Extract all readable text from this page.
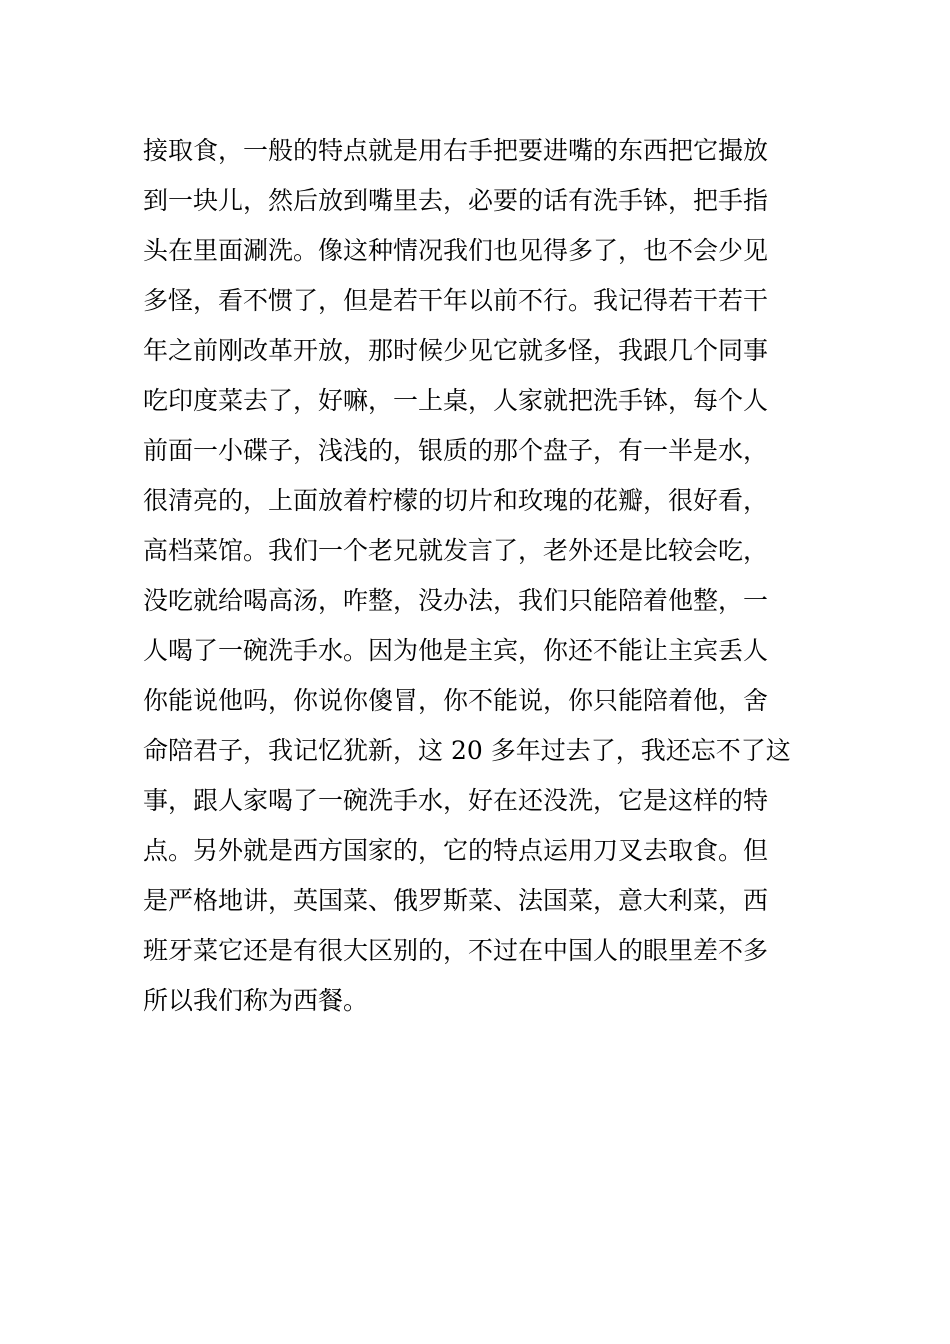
接取食，一般的特点就是用右手把要进嘴的东西把它撮放
到一块儿，然后放到嘴里去，必要的话有洗手钵，把手指
头在里面涮洗。像这种情况我们也见得多了，也不会少见
多怪，看不惯了，但是若干年以前不行。我记得若干若干
年之前刚改革开放，那时候少见它就多怪，我跟几个同事
吃印度菜去了，好嘛，一上桌，人家就把洗手钵，每个人
前面一小碟子，浅浅的，银质的那个盘子，有一半是水，
很清亮的，上面放着柠檬的切片和玫瑰的花瓣，很好看，
高档菜馆。我们一个老兄就发言了，老外还是比较会吃，
没吃就给喝高汤，咋整，没办法，我们只能陪着他整，一
人喝了一碗洗手水。因为他是主宾，你还不能让主宾丢人
你能说他吗，你说你傻冒，你不能说，你只能陪着他，舍
命陪君子，我记忆犹新，这 20 多年过去了，我还忘不了这
事，跟人家喝了一碗洗手水，好在还没洗，它是这样的特
点。另外就是西方国家的，它的特点运用刀叉去取食。但
是严格地讲，英国菜、俄罗斯菜、法国菜，意大利菜，西
班牙菜它还是有很大区别的，不过在中国人的眼里差不多
所以我们称为西餐。
